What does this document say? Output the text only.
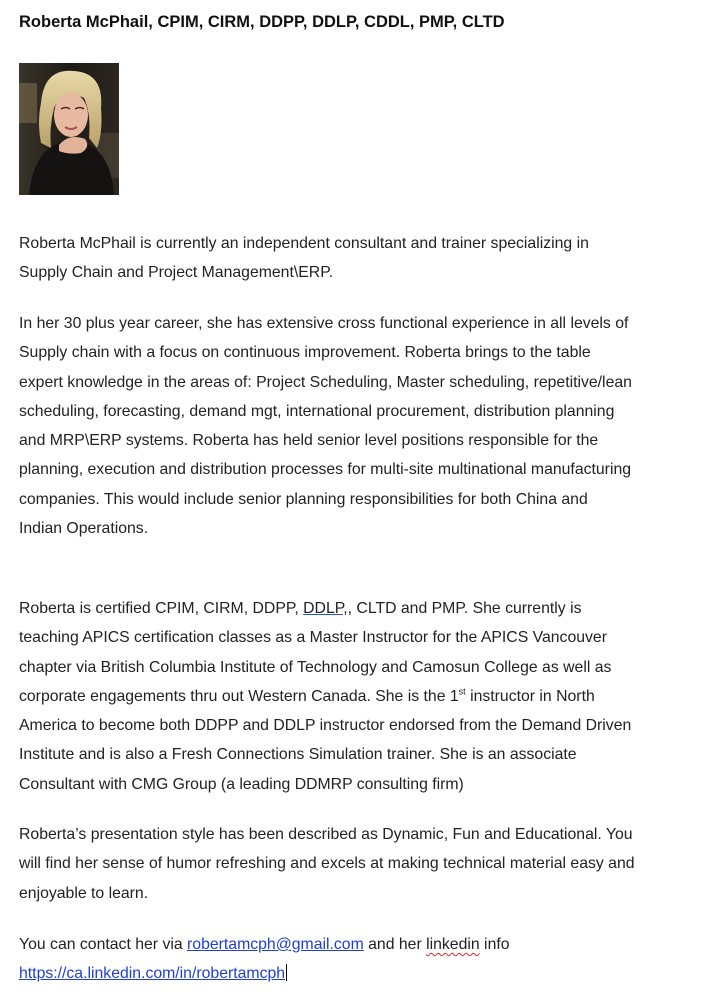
Roberta McPhail, CPIM, CIRM, DDPP, DDLP, CDDL, PMP, CLTD
Roberta McPhail is currently an independent consultant and trainer specializing in
Supply Chain and Project Management\ERP.
In her 30 plus year career, she has extensive cross functional experience in all levels of
Supply chain with a focus on continuous improvement. Roberta brings to the table
expert knowledge in the areas of: Project Scheduling, Master scheduling, repetitive/lean
scheduling, forecasting, demand mgt, international procurement, distribution planning
and MRP\ERP systems. Roberta has held senior level positions responsible for the
planning, execution and distribution processes for multi-site multinational manufacturing
companies. This would include senior planning responsibilities for both China and
Indian Operations.
Roberta is certified CPIM, CIRM, DDPP, DDLP,, CLTD and PMP. She currently is
teaching APICS certification classes as a Master Instructor for the APICS Vancouver
chapter via British Columbia Institute of Technology and Camosun College as well as
corporate engagements thru out Western Canada. She is the 1st instructor in North
America to become both DDPP and DDLP instructor endorsed from the Demand Driven
Institute and is also a Fresh Connections Simulation trainer. She is an associate
Consultant with CMG Group (a leading DDMRP consulting firm)
Roberta’s presentation style has been described as Dynamic, Fun and Educational. You
will find her sense of humor refreshing and excels at making technical material easy and
enjoyable to learn.
You can contact her via robertamcph@gmail.com and her linkedin info
https://ca.linkedin.com/in/robertamcph
